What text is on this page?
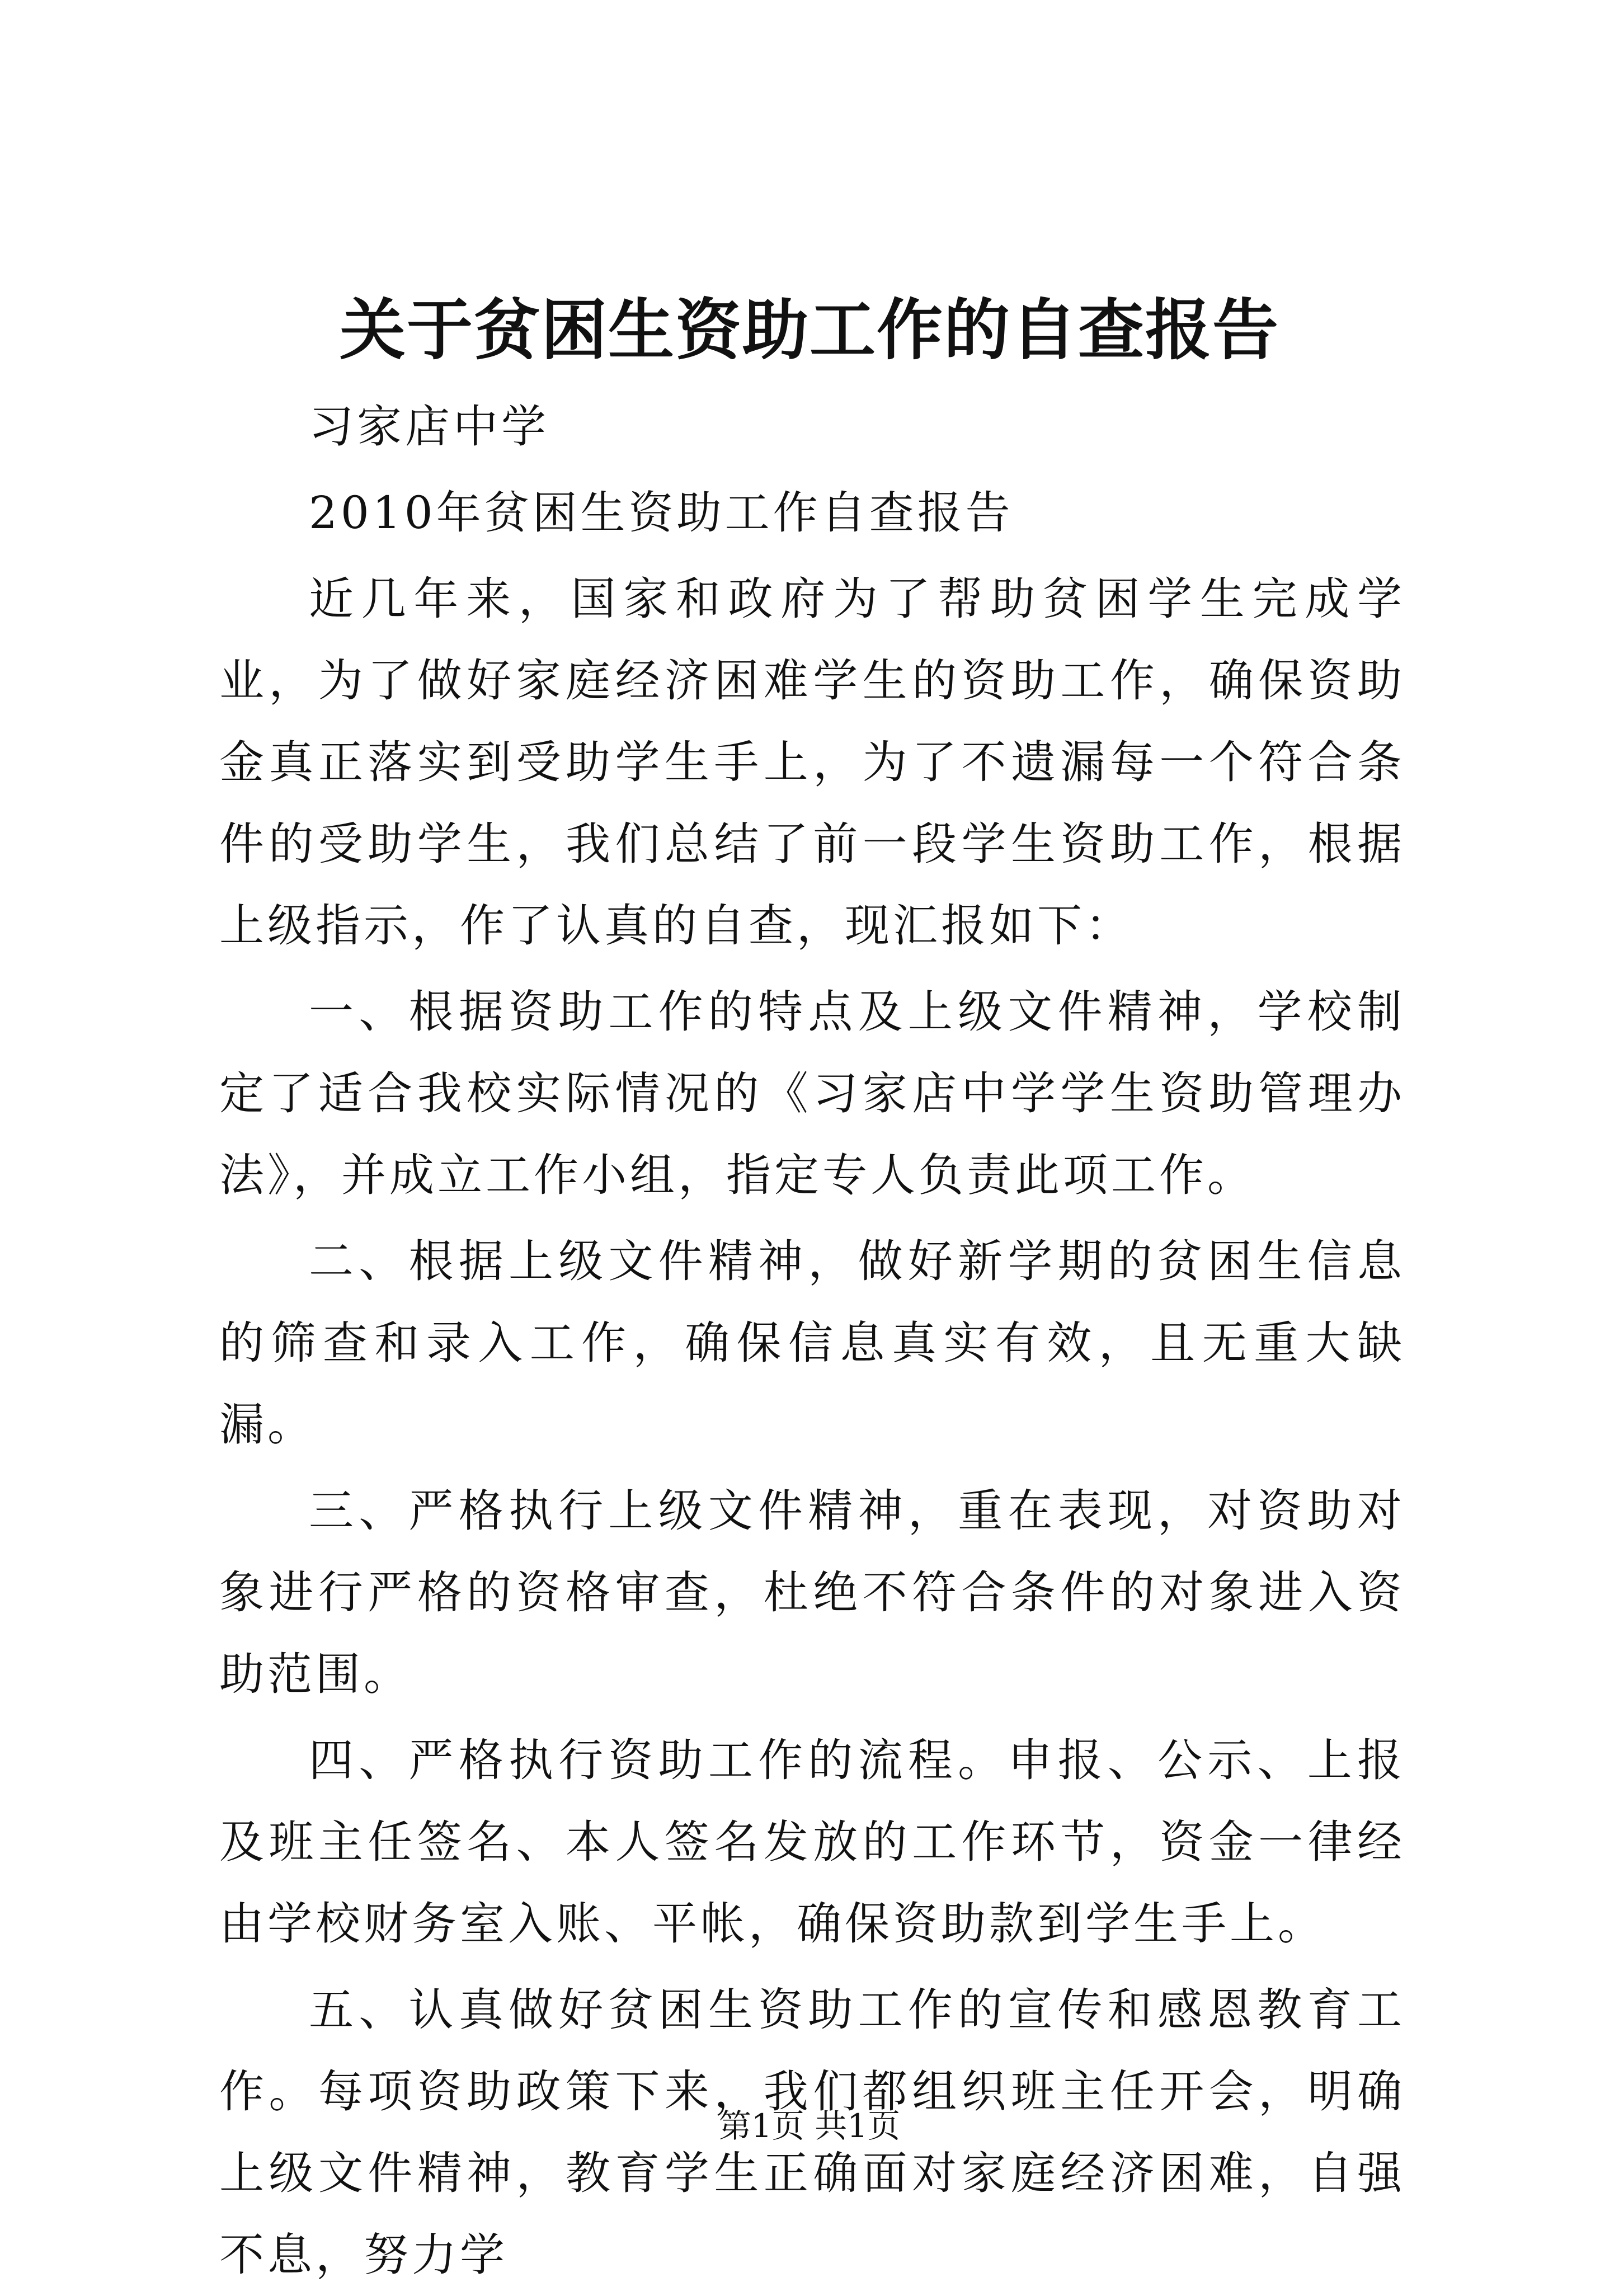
关于贫困生资助工作的自查报告

习家店中学

2010年贫困生资助工作自查报告

近几年来，国家和政府为了帮助贫困学生完成学业，为了做好家庭经济困难学生的资助工作，确保资助金真正落实到受助学生手上，为了不遗漏每一个符合条件的受助学生，我们总结了前一段学生资助工作，根据上级指示，作了认真的自查，现汇报如下：

一、根据资助工作的特点及上级文件精神，学校制定了适合我校实际情况的《习家店中学学生资助管理办法》，并成立工作小组，指定专人负责此项工作。

二、根据上级文件精神，做好新学期的贫困生信息的筛查和录入工作，确保信息真实有效，且无重大缺漏。

三、严格执行上级文件精神，重在表现，对资助对象进行严格的资格审查，杜绝不符合条件的对象进入资助范围。

四、严格执行资助工作的流程。申报、公示、上报及班主任签名、本人签名发放的工作环节，资金一律经由学校财务室入账、平帐，确保资助款到学生手上。

五、认真做好贫困生资助工作的宣传和感恩教育工作。每项资助政策下来，我们都组织班主任开会，明确上级文件精神，教育学生正确面对家庭经济困难，自强不息，努力学

第1页 共1页
